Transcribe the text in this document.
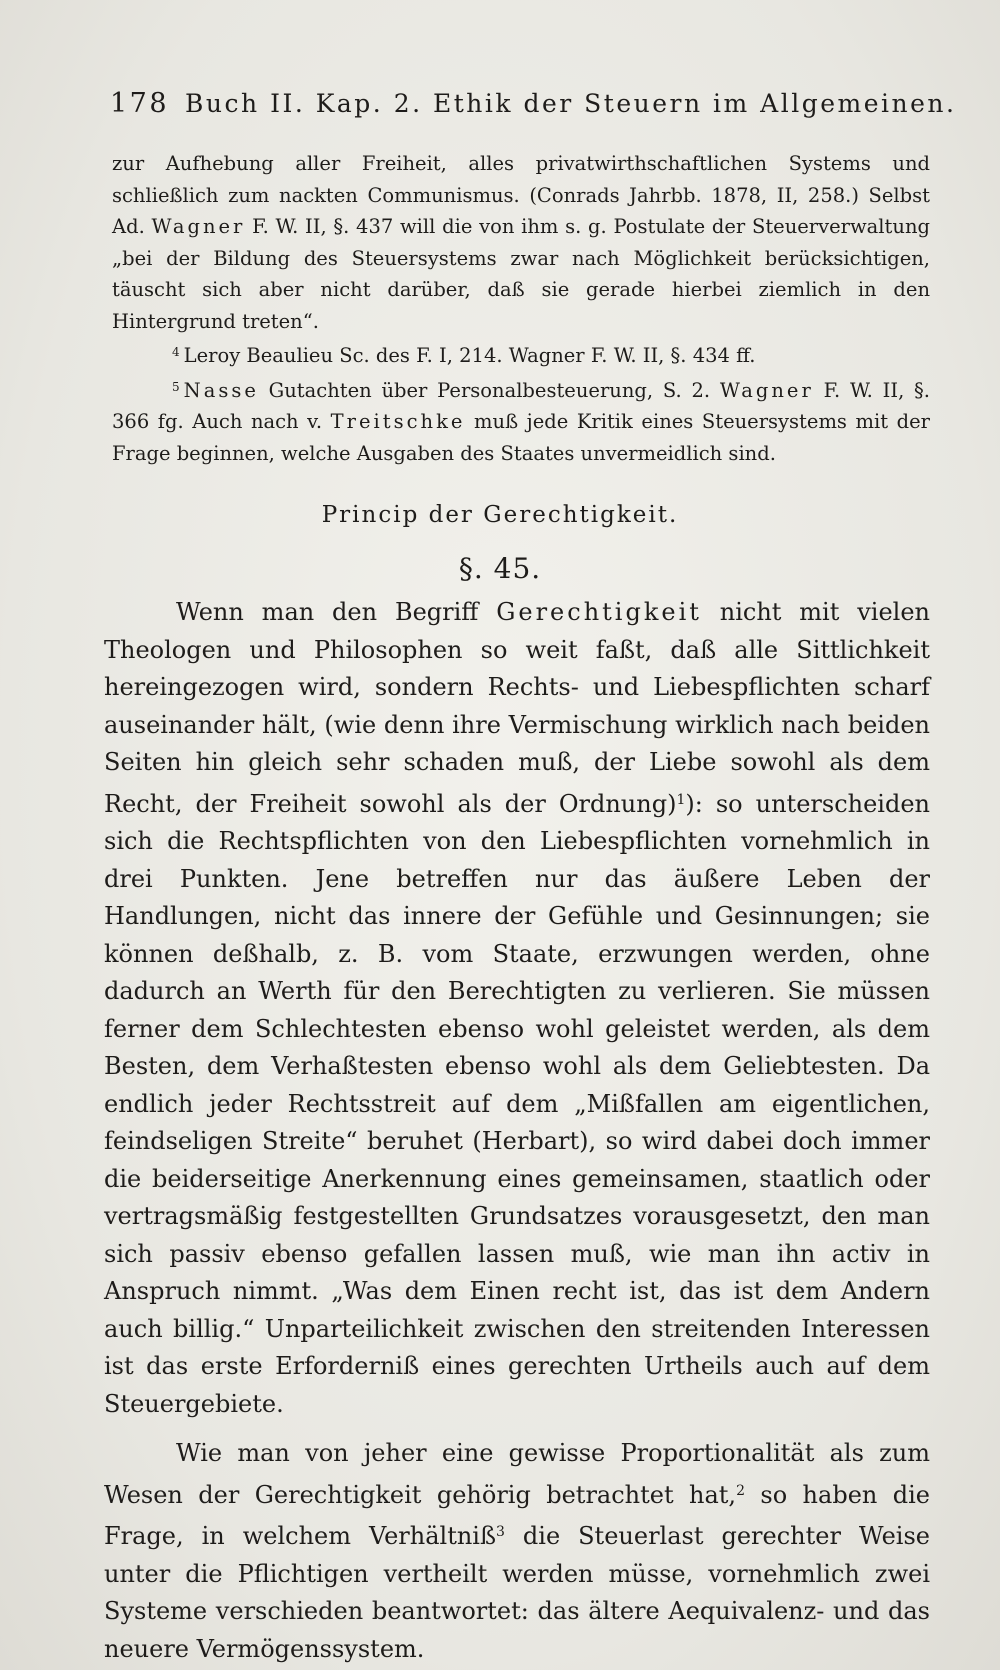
178 Buch II. Kap. 2. Ethik der Steuern im Allgemeinen.

zur Aufhebung aller Freiheit, alles privatwirthschaftlichen Systems und schließlich zum nackten Communismus. (Conrads Jahrbb. 1878, II, 258.) Selbst Ad. Wagner F. W. II, §. 437 will die von ihm s. g. Postulate der Steuerverwaltung „bei der Bildung des Steuersystems zwar nach Möglichkeit berücksichtigen, täuscht sich aber nicht darüber, daß sie gerade hierbei ziemlich in den Hintergrund treten“.

$^4$ Leroy Beaulieu Sc. des F. I, 214. Wagner F. W. II, §. 434 ff.

$^5$ Nasse Gutachten über Personalbesteuerung, S. 2. Wagner F. W. II, §. 366 fg. Auch nach v. Treitschke muß jede Kritik eines Steuersystems mit der Frage beginnen, welche Ausgaben des Staates unvermeidlich sind.

Princip der Gerechtigkeit.
§. 45.

Wenn man den Begriff Gerechtigkeit nicht mit vielen Theologen und Philosophen so weit faßt, daß alle Sittlichkeit hereingezogen wird, sondern Rechts- und Liebespflichten scharf auseinander hält, (wie denn ihre Vermischung wirklich nach beiden Seiten hin gleich sehr schaden muß, der Liebe sowohl als dem Recht, der Freiheit sowohl als der Ordnung)$^1$): so unterscheiden sich die Rechtspflichten von den Liebespflichten vornehmlich in drei Punkten. Jene betreffen nur das äußere Leben der Handlungen, nicht das innere der Gefühle und Gesinnungen; sie können deßhalb, z. B. vom Staate, erzwungen werden, ohne dadurch an Werth für den Berechtigten zu verlieren. Sie müssen ferner dem Schlechtesten ebenso wohl geleistet werden, als dem Besten, dem Verhaßtesten ebenso wohl als dem Geliebtesten. Da endlich jeder Rechtsstreit auf dem „Mißfallen am eigentlichen, feindseligen Streite“ beruhet (Herbart), so wird dabei doch immer die beiderseitige Anerkennung eines gemeinsamen, staatlich oder vertragsmäßig festgestellten Grundsatzes vorausgesetzt, den man sich passiv ebenso gefallen lassen muß, wie man ihn activ in Anspruch nimmt. „Was dem Einen recht ist, das ist dem Andern auch billig.“ Unparteilichkeit zwischen den streitenden Interessen ist das erste Erforderniß eines gerechten Urtheils auch auf dem Steuergebiete.

Wie man von jeher eine gewisse Proportionalität als zum Wesen der Gerechtigkeit gehörig betrachtet hat,$^2$ so haben die Frage, in welchem Verhältniß$^3$ die Steuerlast gerechter Weise unter die Pflichtigen vertheilt werden müsse, vornehmlich zwei Systeme verschieden beantwortet: das ältere Aequivalenz- und das neuere Vermögenssystem.
